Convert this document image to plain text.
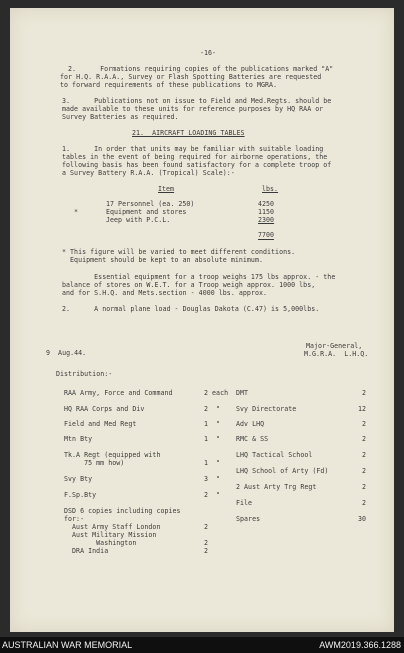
-16-
2.      Formations requiring copies of the publications marked "A"
for H.Q. R.A.A., Survey or Flash Spotting Batteries are requested
to forward requirements of these publications to MGRA.
3.      Publications not on issue to Field and Med.Regts. should be
made available to these units for reference purposes by HQ RAA or
Survey Batteries as required.
21.  AIRCRAFT LOADING TABLES
1.      In order that units may be familiar with suitable loading
tables in the event of being required for airborne operations, the
following basis has been found satisfactory for a complete troop of
a Survey Battery R.A.A. (Tropical) Scale):-
Item	lbs.
17 Personnel (ea. 250)	4250
*	Equipment and stores	1150
Jeep with P.C.L.	2300
7700
* This figure will be varied to meet different conditions.
Equipment should be kept to an absolute minimum.
Essential equipment for a troop weighs 175 lbs approx. - the
balance of stores on W.E.T. for a Troop weigh approx. 1000 lbs,
and for S.H.Q. and Mets.section - 4000 lbs. approx.
2.      A normal plane load - Douglas Dakota (C.47) is 5,000lbs.
9  Aug.44.
Major-General,
M.G.R.A.  L.H.Q.
Distribution:-
RAA Army, Force and Command	2 each
HQ RAA Corps and Div	2  "
Field and Med Regt	1  "
Mtn Bty	1  "
Tk.A Regt (equipped with
75 mm how)	1  "
Svy Bty	3  "
F.Sp.Bty	2  "
DSD 6 copies including copies
for:-
Aust Army Staff London	2
Aust Military Mission
Washington	2
DRA India	2
DMT	2
Svy Directorate	12
Adv LHQ	2
RMC & SS	2
LHQ Tactical School	2
LHQ School of Arty (Fd)	2
2 Aust Arty Trg Regt	2
File	2
Spares	30
AUSTRALIAN WAR MEMORIAL	AWM2019.366.1288
